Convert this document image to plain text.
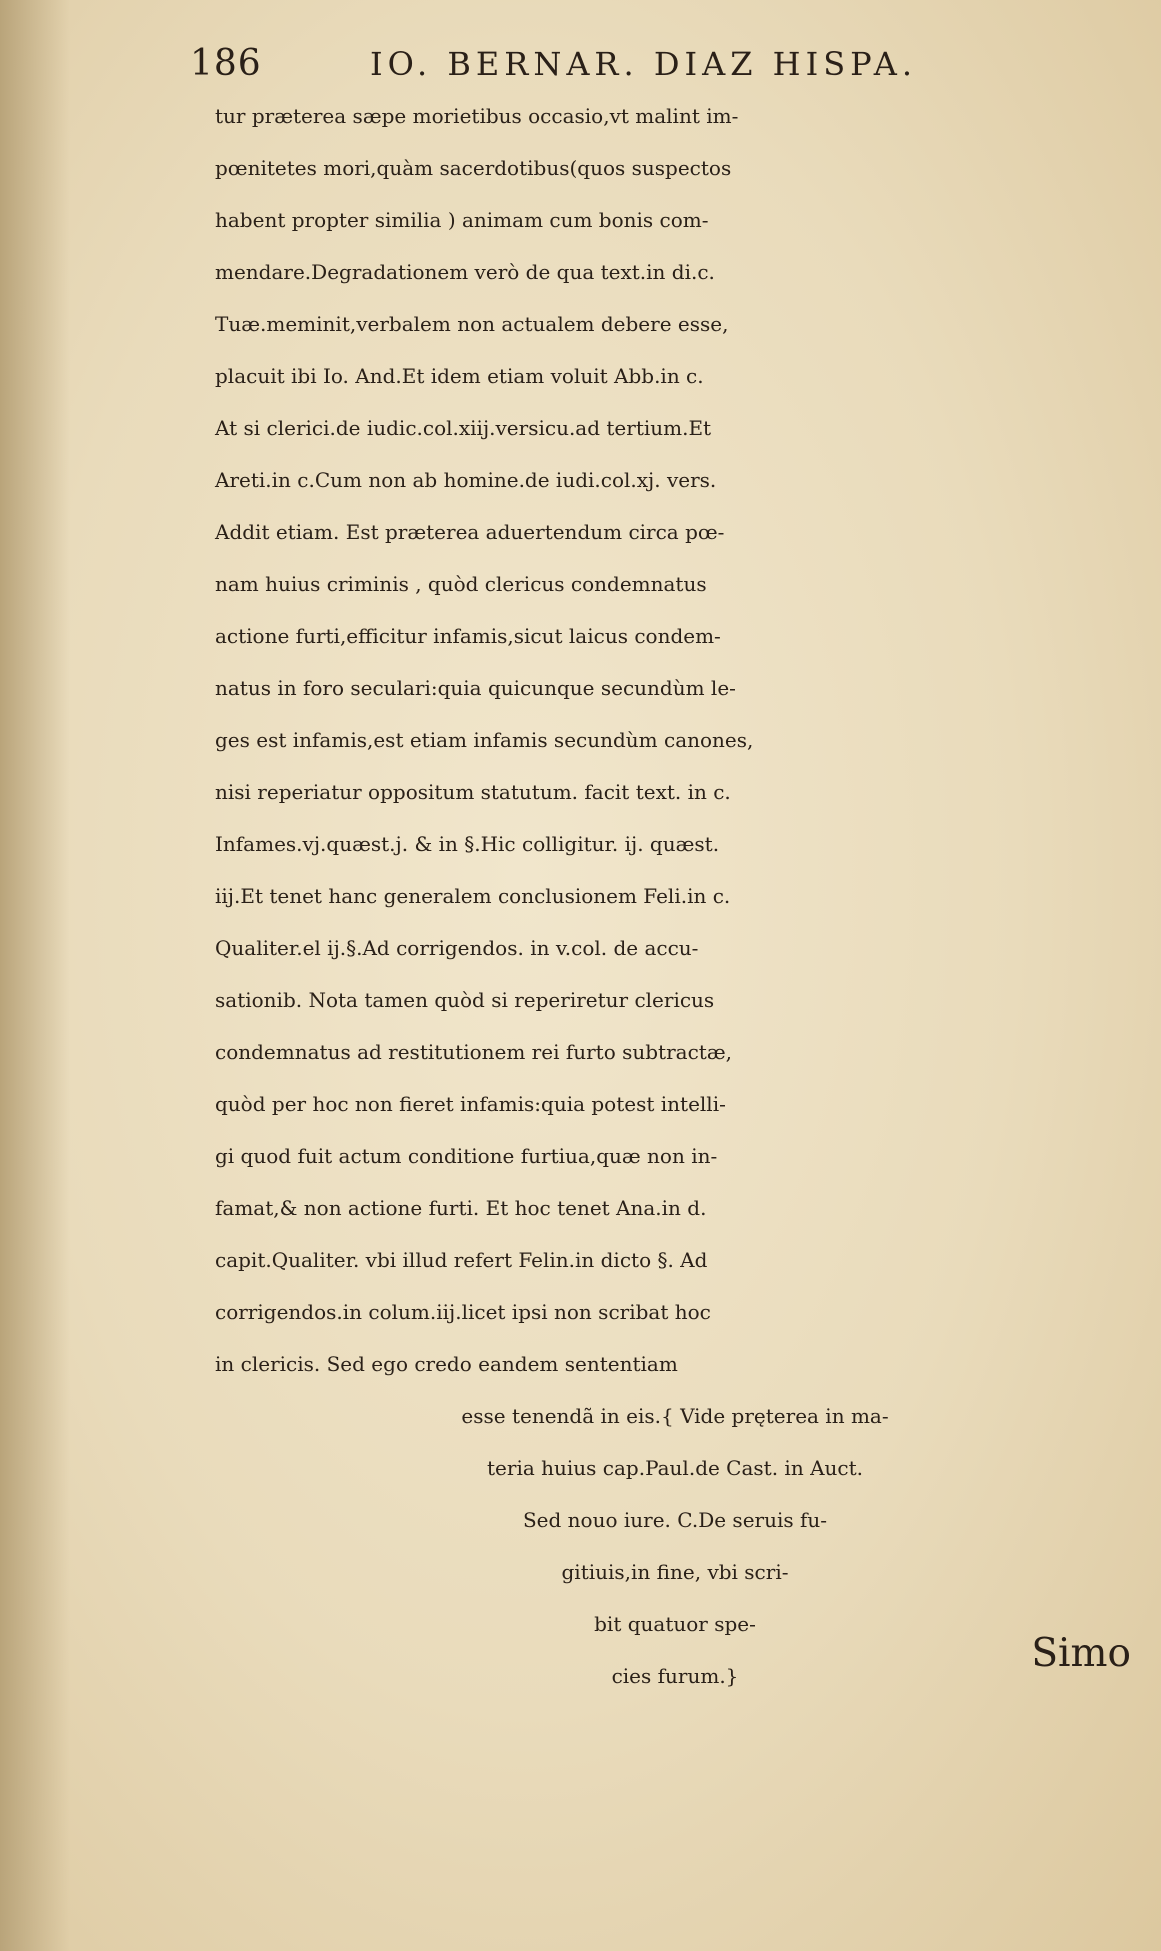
186	IO. BERNAR. DIAZ HISPA.
tur præterea sæpe morietibus occasio,vt malint im-
pœnitetes mori,quàm sacerdotibus(quos suspectos
habent propter similia ) animam cum bonis com-
mendare.Degradationem verò de qua text.in di.c.
Tuæ.meminit,verbalem non actualem debere esse,
placuit ibi Io. And.Et idem etiam voluit Abb.in c.
At si clerici.de iudic.col.xiij.versicu.ad tertium.Et
Areti.in c.Cum non ab homine.de iudi.col.xj. vers.
Addit etiam. Est præterea aduertendum circa pœ-
nam huius criminis , quòd clericus condemnatus
actione furti,efficitur infamis,sicut laicus condem-
natus in foro seculari:quia quicunque secundùm le-
ges est infamis,est etiam infamis secundùm canones,
nisi reperiatur oppositum statutum. facit text. in c.
Infames.vj.quæst.j. & in §.Hic colligitur. ij. quæst.
iij.Et tenet hanc generalem conclusionem Feli.in c.
Qualiter.el ij.§.Ad corrigendos. in v.col. de accu-
sationib. Nota tamen quòd si reperiretur clericus
condemnatus ad restitutionem rei furto subtractæ,
quòd per hoc non fieret infamis:quia potest intelli-
gi quod fuit actum conditione furtiua,quæ non in-
famat,& non actione furti. Et hoc tenet Ana.in d.
capit.Qualiter. vbi illud refert Felin.in dicto §. Ad
corrigendos.in colum.iij.licet ipsi non scribat hoc
in clericis. Sed ego credo eandem sententiam
esse tenendã in eis.{ Vide pręterea in ma-
teria huius cap.Paul.de Cast. in Auct.
Sed nouo iure. C.De seruis fu-
gitiuis,in fine, vbi scri-
bit quatuor spe-
cies furum.}	Simo
